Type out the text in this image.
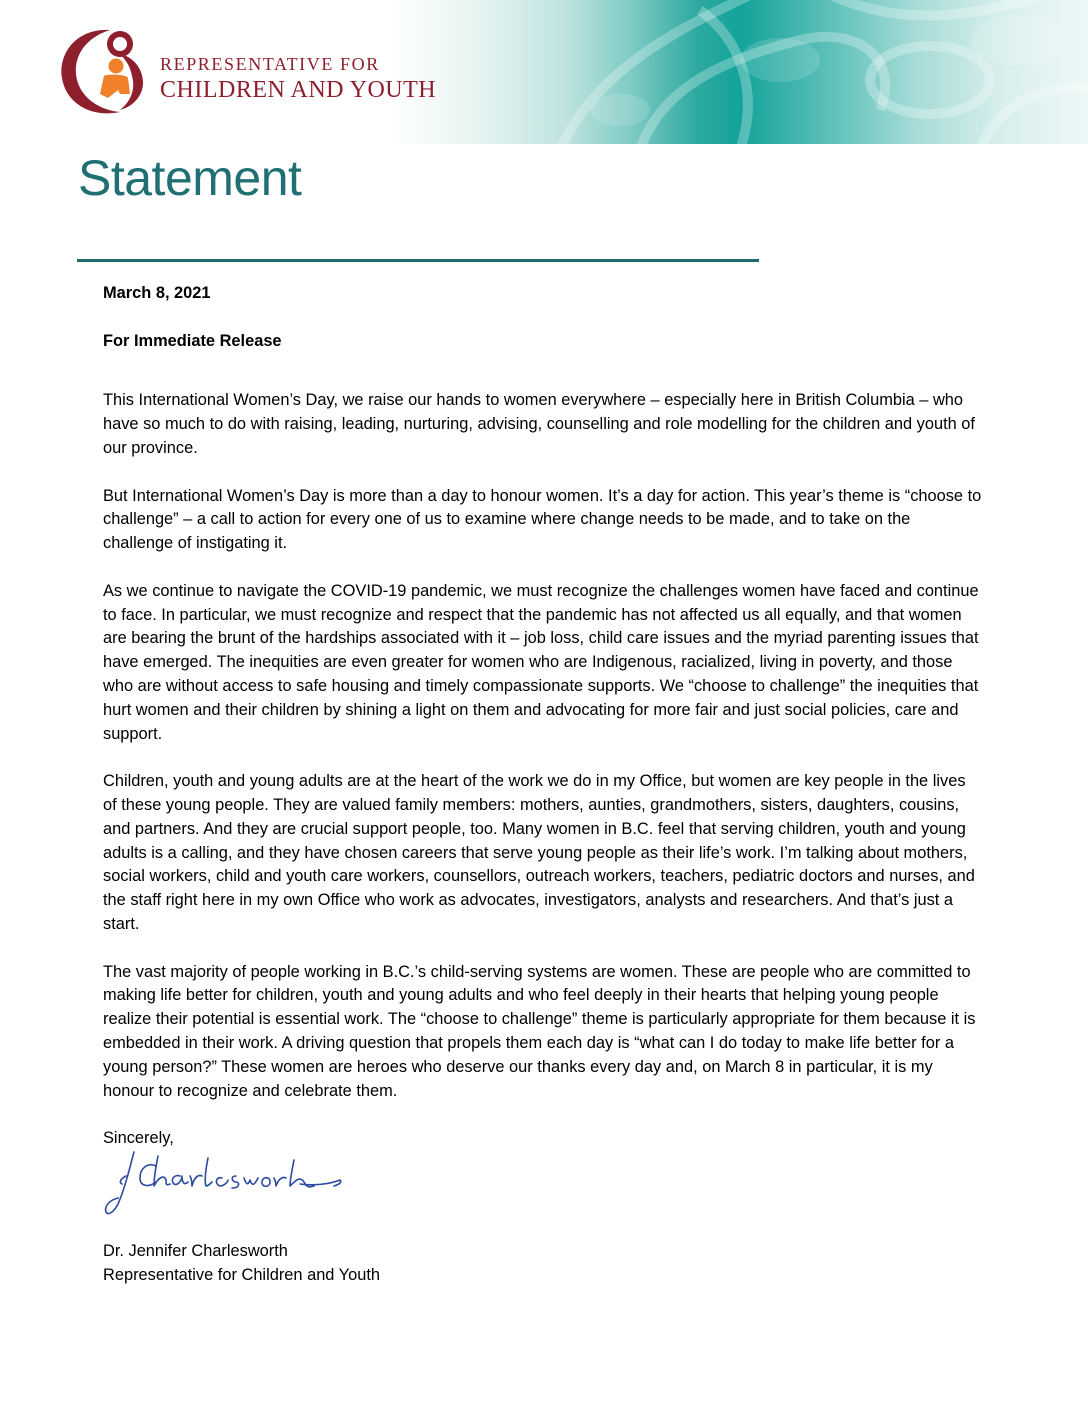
REPRESENTATIVE FOR
CHILDREN AND YOUTH
Statement

March 8, 2021

For Immediate Release

This International Women’s Day, we raise our hands to women everywhere – especially here in British Columbia – who have so much to do with raising, leading, nurturing, advising, counselling and role modelling for the children and youth of our province.

But International Women’s Day is more than a day to honour women. It’s a day for action. This year’s theme is “choose to challenge” – a call to action for every one of us to examine where change needs to be made, and to take on the challenge of instigating it.

As we continue to navigate the COVID-19 pandemic, we must recognize the challenges women have faced and continue to face. In particular, we must recognize and respect that the pandemic has not affected us all equally, and that women are bearing the brunt of the hardships associated with it – job loss, child care issues and the myriad parenting issues that have emerged. The inequities are even greater for women who are Indigenous, racialized, living in poverty, and those who are without access to safe housing and timely compassionate supports. We “choose to challenge” the inequities that hurt women and their children by shining a light on them and advocating for more fair and just social policies, care and support.

Children, youth and young adults are at the heart of the work we do in my Office, but women are key people in the lives of these young people. They are valued family members: mothers, aunties, grandmothers, sisters, daughters, cousins, and partners. And they are crucial support people, too. Many women in B.C. feel that serving children, youth and young adults is a calling, and they have chosen careers that serve young people as their life’s work. I’m talking about mothers, social workers, child and youth care workers, counsellors, outreach workers, teachers, pediatric doctors and nurses, and the staff right here in my own Office who work as advocates, investigators, analysts and researchers. And that’s just a start.

The vast majority of people working in B.C.’s child-serving systems are women. These are people who are committed to making life better for children, youth and young adults and who feel deeply in their hearts that helping young people realize their potential is essential work. The “choose to challenge” theme is particularly appropriate for them because it is embedded in their work. A driving question that propels them each day is “what can I do today to make life better for a young person?” These women are heroes who deserve our thanks every day and, on March 8 in particular, it is my honour to recognize and celebrate them.

Sincerely,

Dr. Jennifer Charlesworth
Representative for Children and Youth
